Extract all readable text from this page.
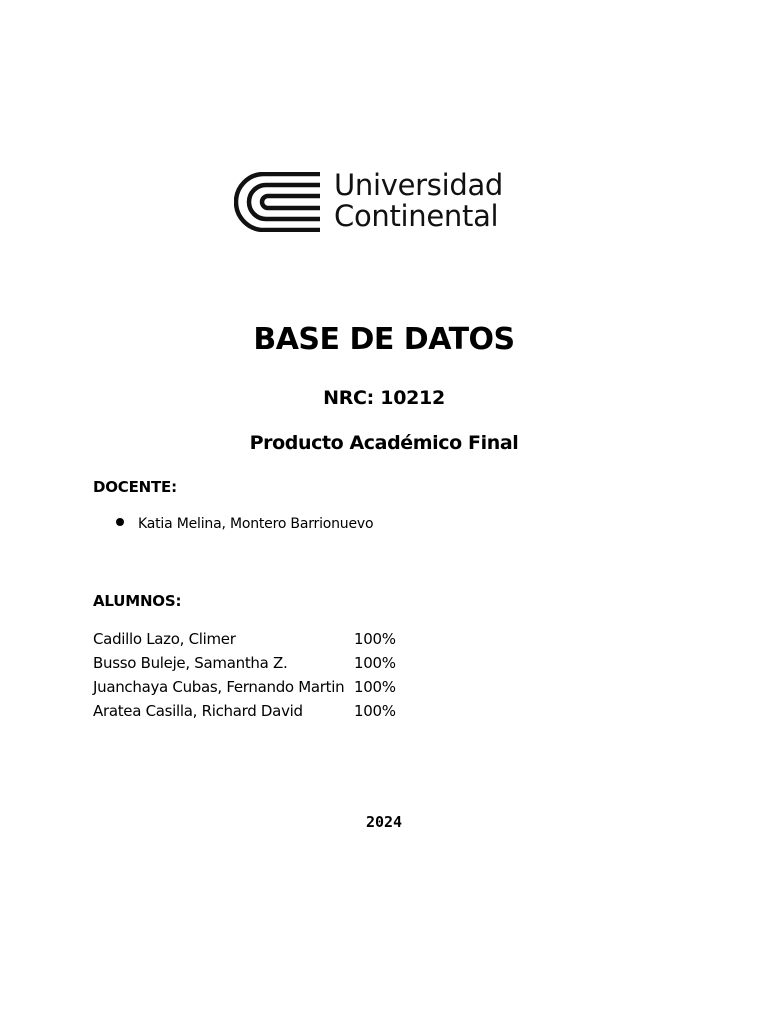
Universidad
Continental
BASE DE DATOS
NRC: 10212
Producto Académico Final
DOCENTE:
Katia Melina, Montero Barrionuevo
ALUMNOS:
Cadillo Lazo, Climer	100%
Busso Buleje, Samantha Z.	100%
Juanchaya Cubas, Fernando Martin 100%
Aratea Casilla, Richard David	100%
2024
